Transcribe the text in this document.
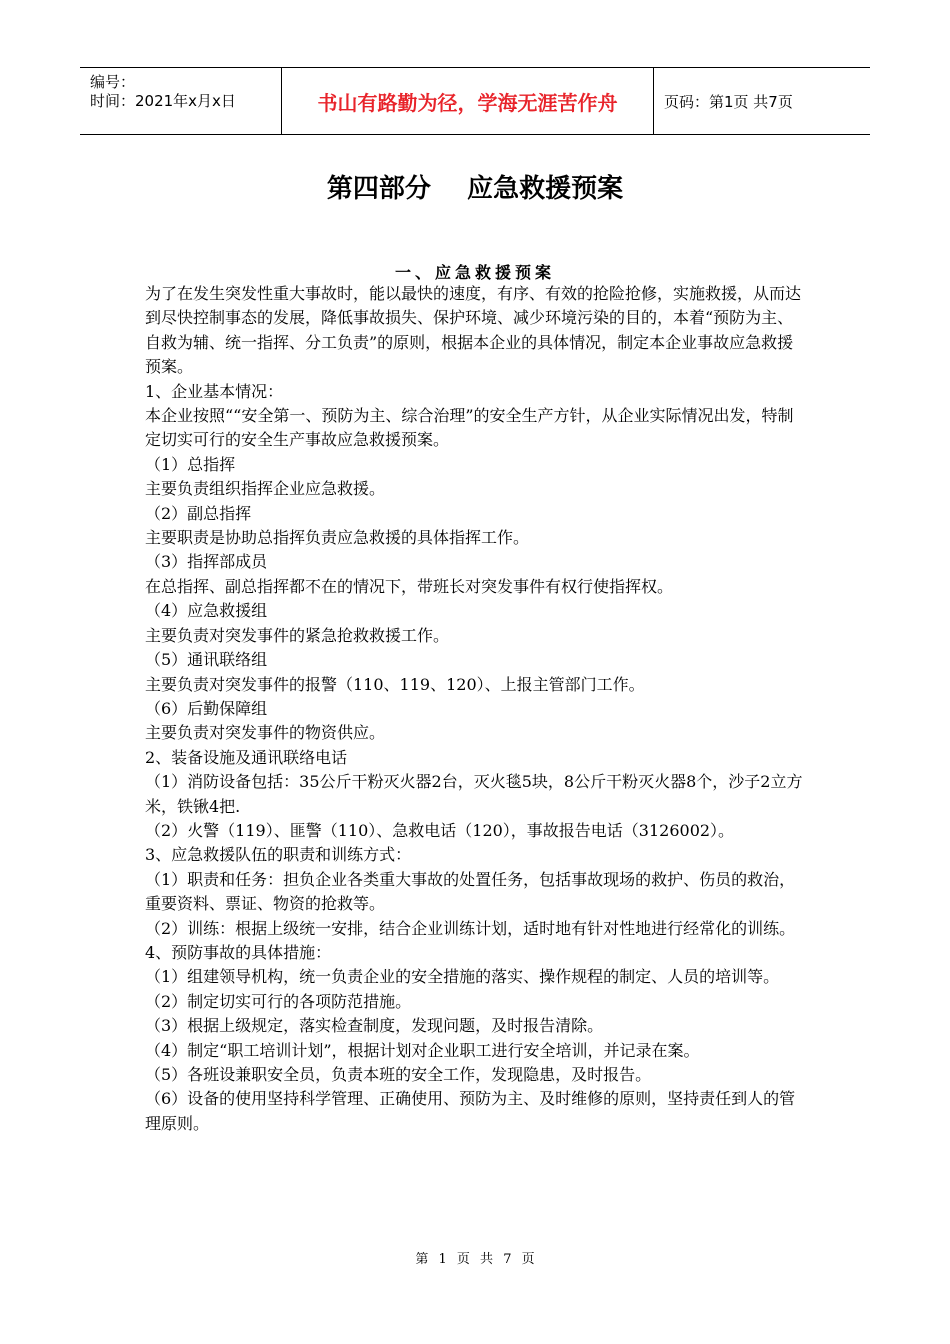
编号：
时间：2021年x月x日	书山有路勤为径，学海无涯苦作舟	页码：第1页 共7页
第四部分    应急救援预案
一、应急救援预案

为了在发生突发性重大事故时，能以最快的速度，有序、有效的抢险抢修，实施救援，从而达到尽快控制事态的发展，降低事故损失、保护环境、减少环境污染的目的，本着“预防为主、自救为辅、统一指挥、分工负责”的原则，根据本企业的具体情况，制定本企业事故应急救援预案。

1、企业基本情况：

本企业按照““安全第一、预防为主、综合治理”的安全生产方针，从企业实际情况出发，特制定切实可行的安全生产事故应急救援预案。

（1）总指挥

主要负责组织指挥企业应急救援。

（2）副总指挥

主要职责是协助总指挥负责应急救援的具体指挥工作。

（3）指挥部成员

在总指挥、副总指挥都不在的情况下，带班长对突发事件有权行使指挥权。

（4）应急救援组

主要负责对突发事件的紧急抢救救援工作。

（5）通讯联络组

主要负责对突发事件的报警（110、119、120）、上报主管部门工作。

（6）后勤保障组

主要负责对突发事件的物资供应。

2、装备设施及通讯联络电话

（1）消防设备包括：35公斤干粉灭火器2台，灭火毯5块，8公斤干粉灭火器8个，沙子2立方米，铁锹4把.

（2）火警（119）、匪警（110）、急救电话（120），事故报告电话（3126002）。

3、应急救援队伍的职责和训练方式：

（1）职责和任务：担负企业各类重大事故的处置任务，包括事故现场的救护、伤员的救治，重要资料、票证、物资的抢救等。

（2）训练：根据上级统一安排，结合企业训练计划，适时地有针对性地进行经常化的训练。

4、预防事故的具体措施：

（1）组建领导机构，统一负责企业的安全措施的落实、操作规程的制定、人员的培训等。

（2）制定切实可行的各项防范措施。

（3）根据上级规定，落实检查制度，发现问题，及时报告清除。

（4）制定“职工培训计划”，根据计划对企业职工进行安全培训，并记录在案。

（5）各班设兼职安全员，负责本班的安全工作，发现隐患，及时报告。

（6）设备的使用坚持科学管理、正确使用、预防为主、及时维修的原则，坚持责任到人的管理原则。

第 1 页 共 7 页
